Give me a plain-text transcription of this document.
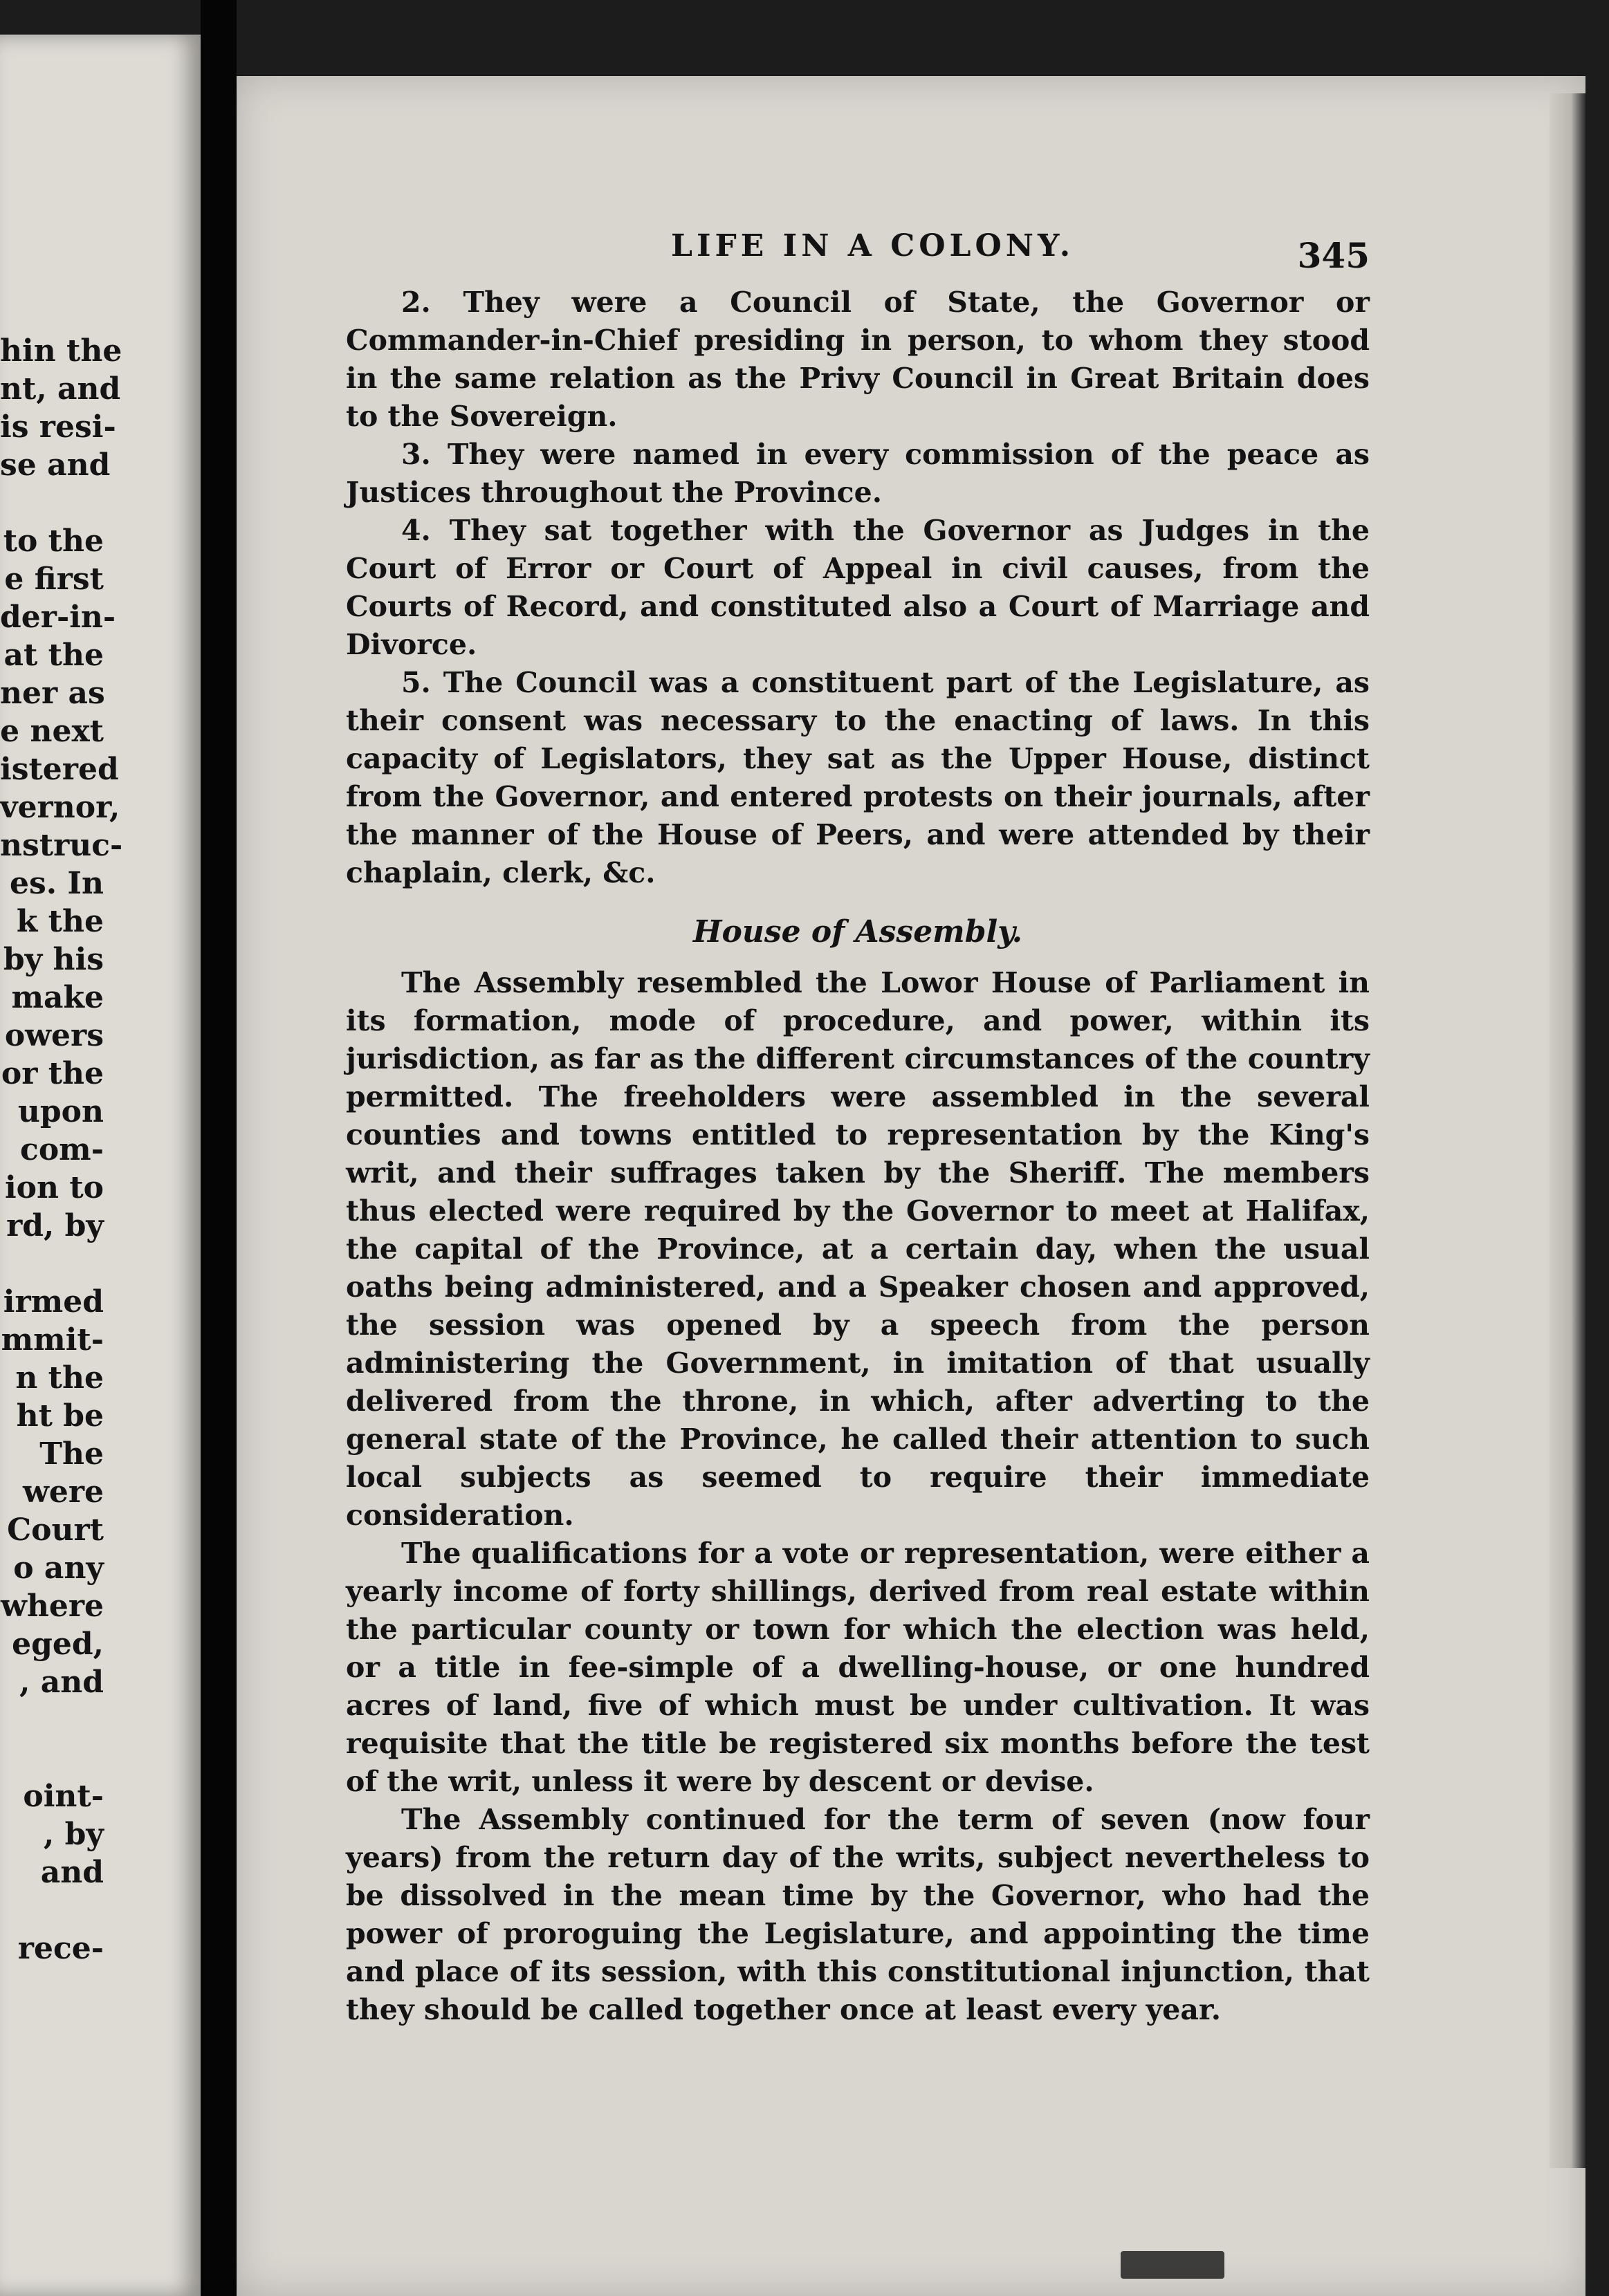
hin the
nt, and
is resi-
se and
to the
e first
der-in-
at the
ner as
e next
istered
vernor,
nstruc-
es. In
k the
by his
make
owers
or the
upon
com-
ion to
rd, by
irmed
mmit-
n the
ht be
The
were
Court
o any
where
eged,
, and
oint-
, by
and
rece-
LIFE IN A COLONY.	345

2. They were a Council of State, the Governor or Commander-in-Chief presiding in person, to whom they stood in the same relation as the Privy Council in Great Britain does to the Sovereign.

3. They were named in every commission of the peace as Justices throughout the Province.

4. They sat together with the Governor as Judges in the Court of Error or Court of Appeal in civil causes, from the Courts of Record, and constituted also a Court of Marriage and Divorce.

5. The Council was a constituent part of the Legislature, as their consent was necessary to the enacting of laws. In this capacity of Legislators, they sat as the Upper House, distinct from the Governor, and entered protests on their journals, after the manner of the House of Peers, and were attended by their chaplain, clerk, &c.

House of Assembly.

The Assembly resembled the Lowor House of Parliament in its formation, mode of procedure, and power, within its jurisdiction, as far as the different circumstances of the country permitted. The freeholders were assembled in the several counties and towns entitled to representation by the King's writ, and their suffrages taken by the Sheriff. The members thus elected were required by the Governor to meet at Halifax, the capital of the Province, at a certain day, when the usual oaths being administered, and a Speaker chosen and approved, the session was opened by a speech from the person administering the Government, in imitation of that usually delivered from the throne, in which, after adverting to the general state of the Province, he called their attention to such local subjects as seemed to require their immediate consideration.

The qualifications for a vote or representation, were either a yearly income of forty shillings, derived from real estate within the particular county or town for which the election was held, or a title in fee-simple of a dwelling-house, or one hundred acres of land, five of which must be under cultivation. It was requisite that the title be registered six months before the test of the writ, unless it were by descent or devise.

The Assembly continued for the term of seven (now four years) from the return day of the writs, subject nevertheless to be dissolved in the mean time by the Governor, who had the power of proroguing the Legislature, and appointing the time and place of its session, with this constitutional injunction, that they should be called together once at least every year.
